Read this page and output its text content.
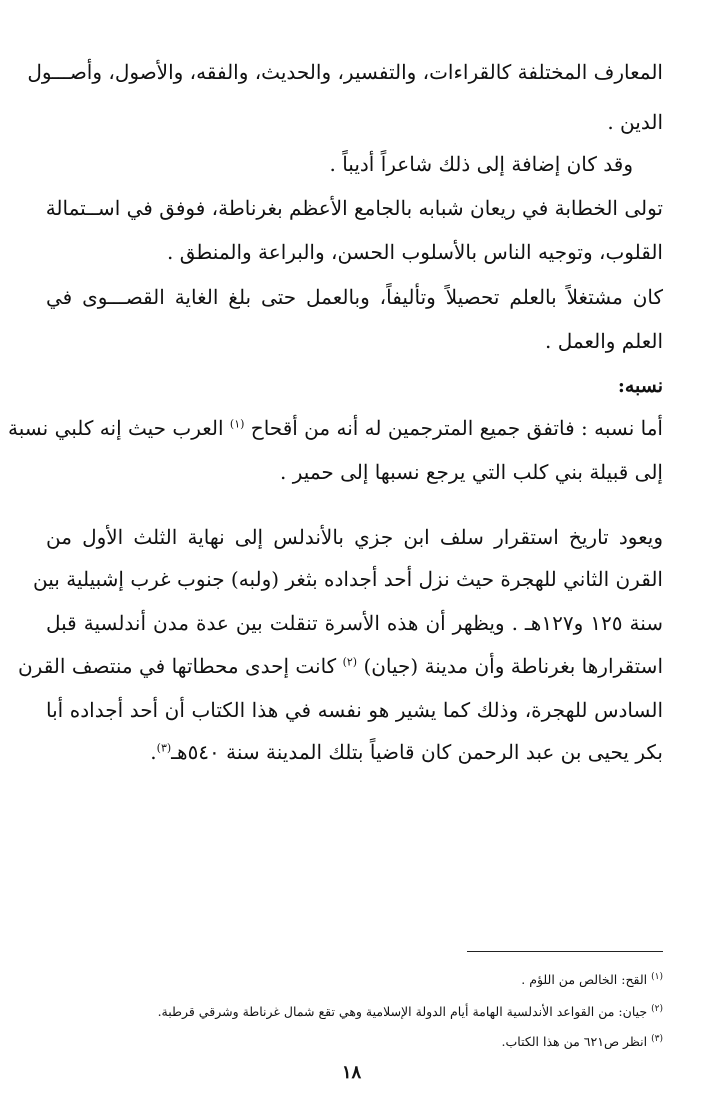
المعارف المختلفة كالقراءات، والتفسير، والحديث، والفقه، والأصول، وأصـــول
الدين .
وقد كان إضافة إلى ذلك شاعراً أديباً .
تولى الخطابة في ريعان شبابه بالجامع الأعظم بغرناطة، فوفق في اســتمالة
القلوب، وتوجيه الناس بالأسلوب الحسن، والبراعة والمنطق .
كان مشتغلاً بالعلم تحصيلاً وتأليفاً، وبالعمل حتى بلغ الغاية القصـــوى في
العلم والعمل .
نسبه:
أما نسبه : فاتفق جميع المترجمين له أنه من أقحاح $^{(١)}$ العرب حيث إنه كلبي نسبة
إلى قبيلة بني كلب التي يرجع نسبها إلى حمير .
ويعود تاريخ استقرار سلف ابن جزي بالأندلس إلى نهاية الثلث الأول من
القرن الثاني للهجرة حيث نزل أحد أجداده بثغر (ولبه) جنوب غرب إشبيلية بين
سنة ١٢٥ و١٢٧هـ . ويظهر أن هذه الأسرة تنقلت بين عدة مدن أندلسية قبل
استقرارها بغرناطة وأن مدينة (جيان) $^{(٢)}$ كانت إحدى محطاتها في منتصف القرن
السادس للهجرة، وذلك كما يشير هو نفسه في هذا الكتاب أن أحد أجداده أبا
بكر يحيى بن عبد الرحمن كان قاضياً بتلك المدينة سنة ٥٤٠هـ$^{(٣)}$.
$^{(١)}$ القح: الخالص من اللؤم .
$^{(٢)}$ جيان: من القواعد الأندلسية الهامة أيام الدولة الإسلامية وهي تقع شمال غرناطة وشرقي قرطبة.
$^{(٣)}$ انظر ص٦٢١ من هذا الكتاب.
١٨
